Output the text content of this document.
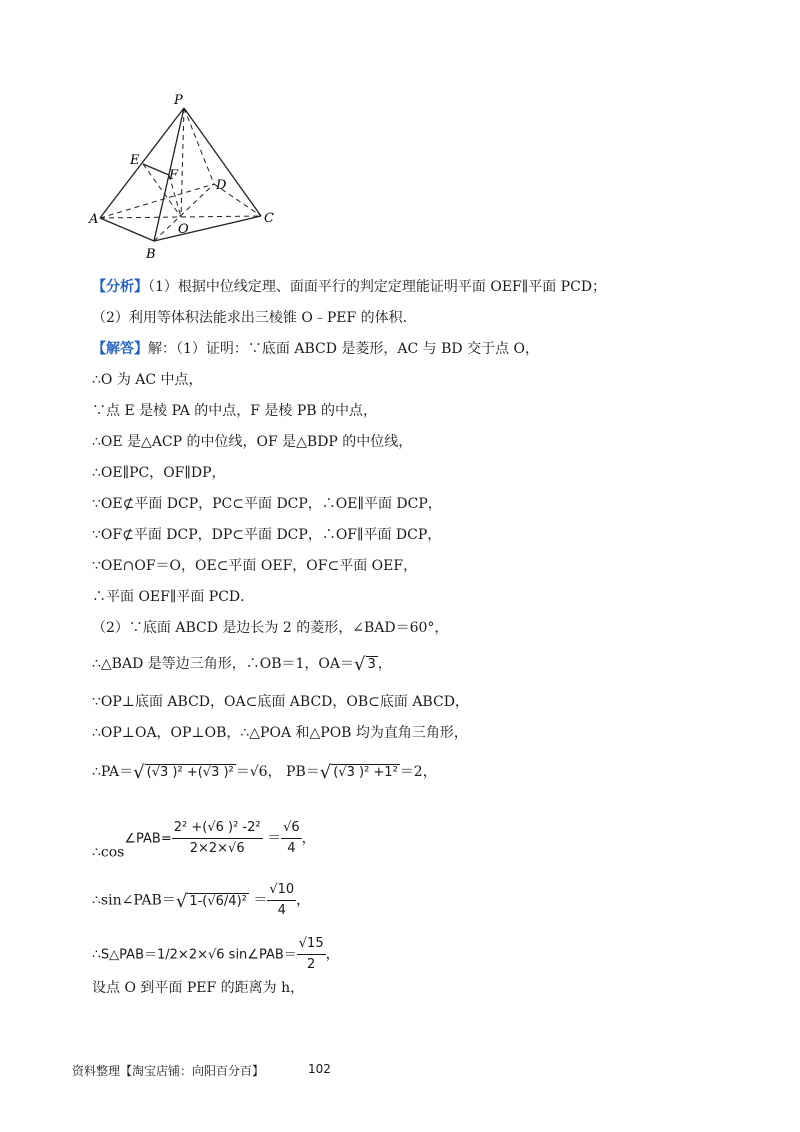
P
E
F
D
A
O
C
B
【分析】（1）根据中位线定理、面面平行的判定定理能证明平面 OEF∥平面 PCD；
（2）利用等体积法能求出三棱锥 O﹣PEF 的体积．
【解答】解：（1）证明：∵底面 ABCD 是菱形，AC 与 BD 交于点 O，
∴O 为 AC 中点，
∵点 E 是棱 PA 的中点，F 是棱 PB 的中点，
∴OE 是△ACP 的中位线，OF 是△BDP 的中位线，
∴OE∥PC，OF∥DP，
∵OE⊄平面 DCP，PC⊂平面 DCP，∴OE∥平面 DCP，
∵OF⊄平面 DCP，DP⊂平面 DCP，∴OF∥平面 DCP，
∵OE∩OF＝O，OE⊂平面 OEF，OF⊂平面 OEF，
∴平面 OEF∥平面 PCD．
（2）∵底面 ABCD 是边长为 2 的菱形，∠BAD＝60°，
∴△BAD 是等边三角形，∴OB＝1，OA＝√ 3 ，
∵OP⊥底面 ABCD，OA⊂底面 ABCD，OB⊂底面 ABCD，
∴OP⊥OA，OP⊥OB，∴△POA 和△POB 均为直角三角形，
∴PA＝√ (√3 )² +(√3 )² ＝√6， PB＝√ (√3 )² +1² ＝2，
∴cos∠PAB= $\frac{\text{2² +(√6 )² -2²}}{2\times 2\times√6} = \frac{√6}{4}$ ，
∴sin∠PAB＝√ $1-(√6/4)^2 = \frac{√10}{4}$ ，
∴S△PAB＝1/2×2×√6 sin∠PAB＝ $\frac{√15}{2}$ ，
设点 O 到平面 PEF 的距离为 h，
资料整理【淘宝店铺：向阳百分百】	102
